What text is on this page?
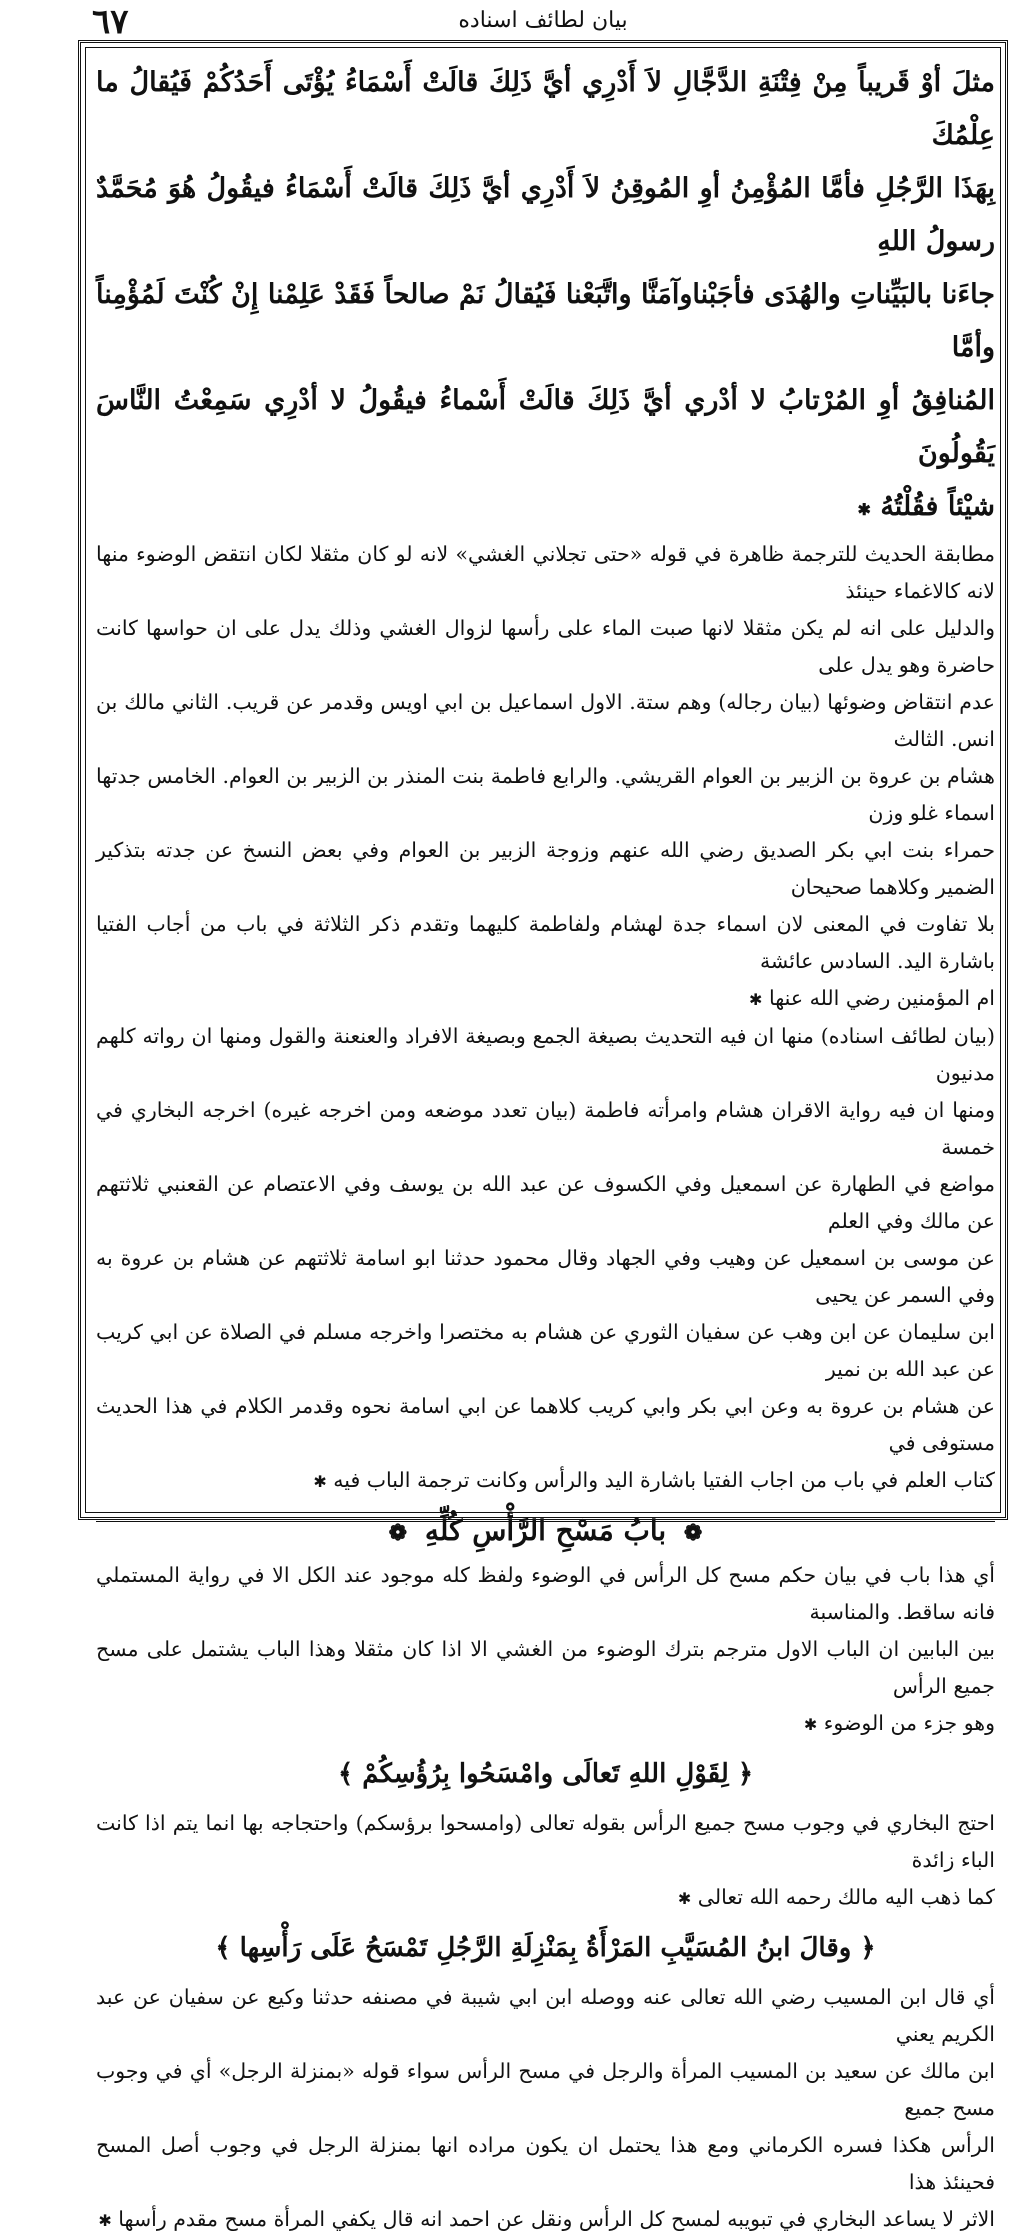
٦٧	بيان لطائف اسناده

مثلَ أوْ قَريباً مِنْ فِتْنَةِ الدَّجَّالِ لاَ أَدْرِي أيَّ ذَلِكَ قالَتْ أَسْمَاءُ يُؤْتَى أَحَدُكُمْ فَيُقالُ ما عِلْمُكَ

بِهَذَا الرَّجُلِ فأمَّا المُؤْمِنُ أوِ المُوقِنُ لاَ أَدْرِي أيَّ ذَلِكَ قالَتْ أَسْمَاءُ فيقُولُ هُوَ مُحَمَّدٌ رسولُ اللهِ

جاءَنا بالبَيِّناتِ والهُدَى فأجَبْناوآمَنَّا واتَّبَعْنا فَيُقالُ نَمْ صالحاً فَقَدْ عَلِمْنا إِنْ كُنْتَ لَمُؤْمِناً وأمَّا

المُنافِقُ أوِ المُرْتابُ لا أدْري أيَّ ذَلِكَ قالَتْ أَسْماءُ فيقُولُ لا أدْرِي سَمِعْتُ النَّاسَ يَقُولُونَ

شيْئاً فقُلْتُهُ ✱

مطابقة الحديث للترجمة ظاهرة في قوله «حتى تجلاني الغشي» لانه لو كان مثقلا لكان انتقض الوضوء منها لانه كالاغماء حينئذ

والدليل على انه لم يكن مثقلا لانها صبت الماء على رأسها لزوال الغشي وذلك يدل على ان حواسها كانت حاضرة وهو يدل على

عدم انتقاض وضوئها (بيان رجاله) وهم ستة. الاول اسماعيل بن ابي اويس وقدمر عن قريب. الثاني مالك بن انس. الثالث

هشام بن عروة بن الزبير بن العوام القريشي. والرابع فاطمة بنت المنذر بن الزبير بن العوام. الخامس جدتها اسماء غلو وزن

حمراء بنت ابي بكر الصديق رضي الله عنهم وزوجة الزبير بن العوام وفي بعض النسخ عن جدته بتذكير الضمير وكلاهما صحيحان

بلا تفاوت في المعنى لان اسماء جدة لهشام ولفاطمة كليهما وتقدم ذكر الثلاثة في باب من أجاب الفتيا باشارة اليد. السادس عائشة

ام المؤمنين رضي الله عنها ✱

(بيان لطائف اسناده) منها ان فيه التحديث بصيغة الجمع وبصيغة الافراد والعنعنة والقول ومنها ان رواته كلهم مدنيون

ومنها ان فيه رواية الاقران هشام وامرأته فاطمة (بيان تعدد موضعه ومن اخرجه غيره) اخرجه البخاري في خمسة

مواضع في الطهارة عن اسمعيل وفي الكسوف عن عبد الله بن يوسف وفي الاعتصام عن القعنبي ثلاثتهم عن مالك وفي العلم

عن موسى بن اسمعيل عن وهيب وفي الجهاد وقال محمود حدثنا ابو اسامة ثلاثتهم عن هشام بن عروة به وفي السمر عن يحيى

ابن سليمان عن ابن وهب عن سفيان الثوري عن هشام به مختصرا واخرجه مسلم في الصلاة عن ابي كريب عن عبد الله بن نمير

عن هشام بن عروة به وعن ابي بكر وابي كريب كلاهما عن ابي اسامة نحوه وقدمر الكلام في هذا الحديث مستوفى في

كتاب العلم في باب من اجاب الفتيا باشارة اليد والرأس وكانت ترجمة الباب فيه ✱

❁ بابُ مَسْحِ الرَّأْسِ كُلِّهِ ❁

أي هذا باب في بيان حكم مسح كل الرأس في الوضوء ولفظ كله موجود عند الكل الا في رواية المستملي فانه ساقط. والمناسبة

بين البابين ان الباب الاول مترجم بترك الوضوء من الغشي الا اذا كان مثقلا وهذا الباب يشتمل على مسح جميع الرأس

وهو جزء من الوضوء ✱

﴿ لِقَوْلِ اللهِ تَعالَى وامْسَحُوا بِرُؤُسِكُمْ ﴾

احتج البخاري في وجوب مسح جميع الرأس بقوله تعالى (وامسحوا برؤسكم) واحتجاجه بها انما يتم اذا كانت الباء زائدة

كما ذهب اليه مالك رحمه الله تعالى ✱

﴿ وقالَ ابنُ المُسَيَّبِ المَرْأَةُ بِمَنْزِلَةِ الرَّجُلِ تَمْسَحُ عَلَى رَأْسِها ﴾

أي قال ابن المسيب رضي الله تعالى عنه ووصله ابن ابي شيبة في مصنفه حدثنا وكيع عن سفيان عن عبد الكريم يعني

ابن مالك عن سعيد بن المسيب المرأة والرجل في مسح الرأس سواء قوله «بمنزلة الرجل» أي في وجوب مسح جميع

الرأس هكذا فسره الكرماني ومع هذا يحتمل ان يكون مراده انها بمنزلة الرجل في وجوب أصل المسح فحينئذ هذا

الاثر لا يساعد البخاري في تبويبه لمسح كل الرأس ونقل عن احمد انه قال يكفي المرأة مسح مقدم رأسها ✱
